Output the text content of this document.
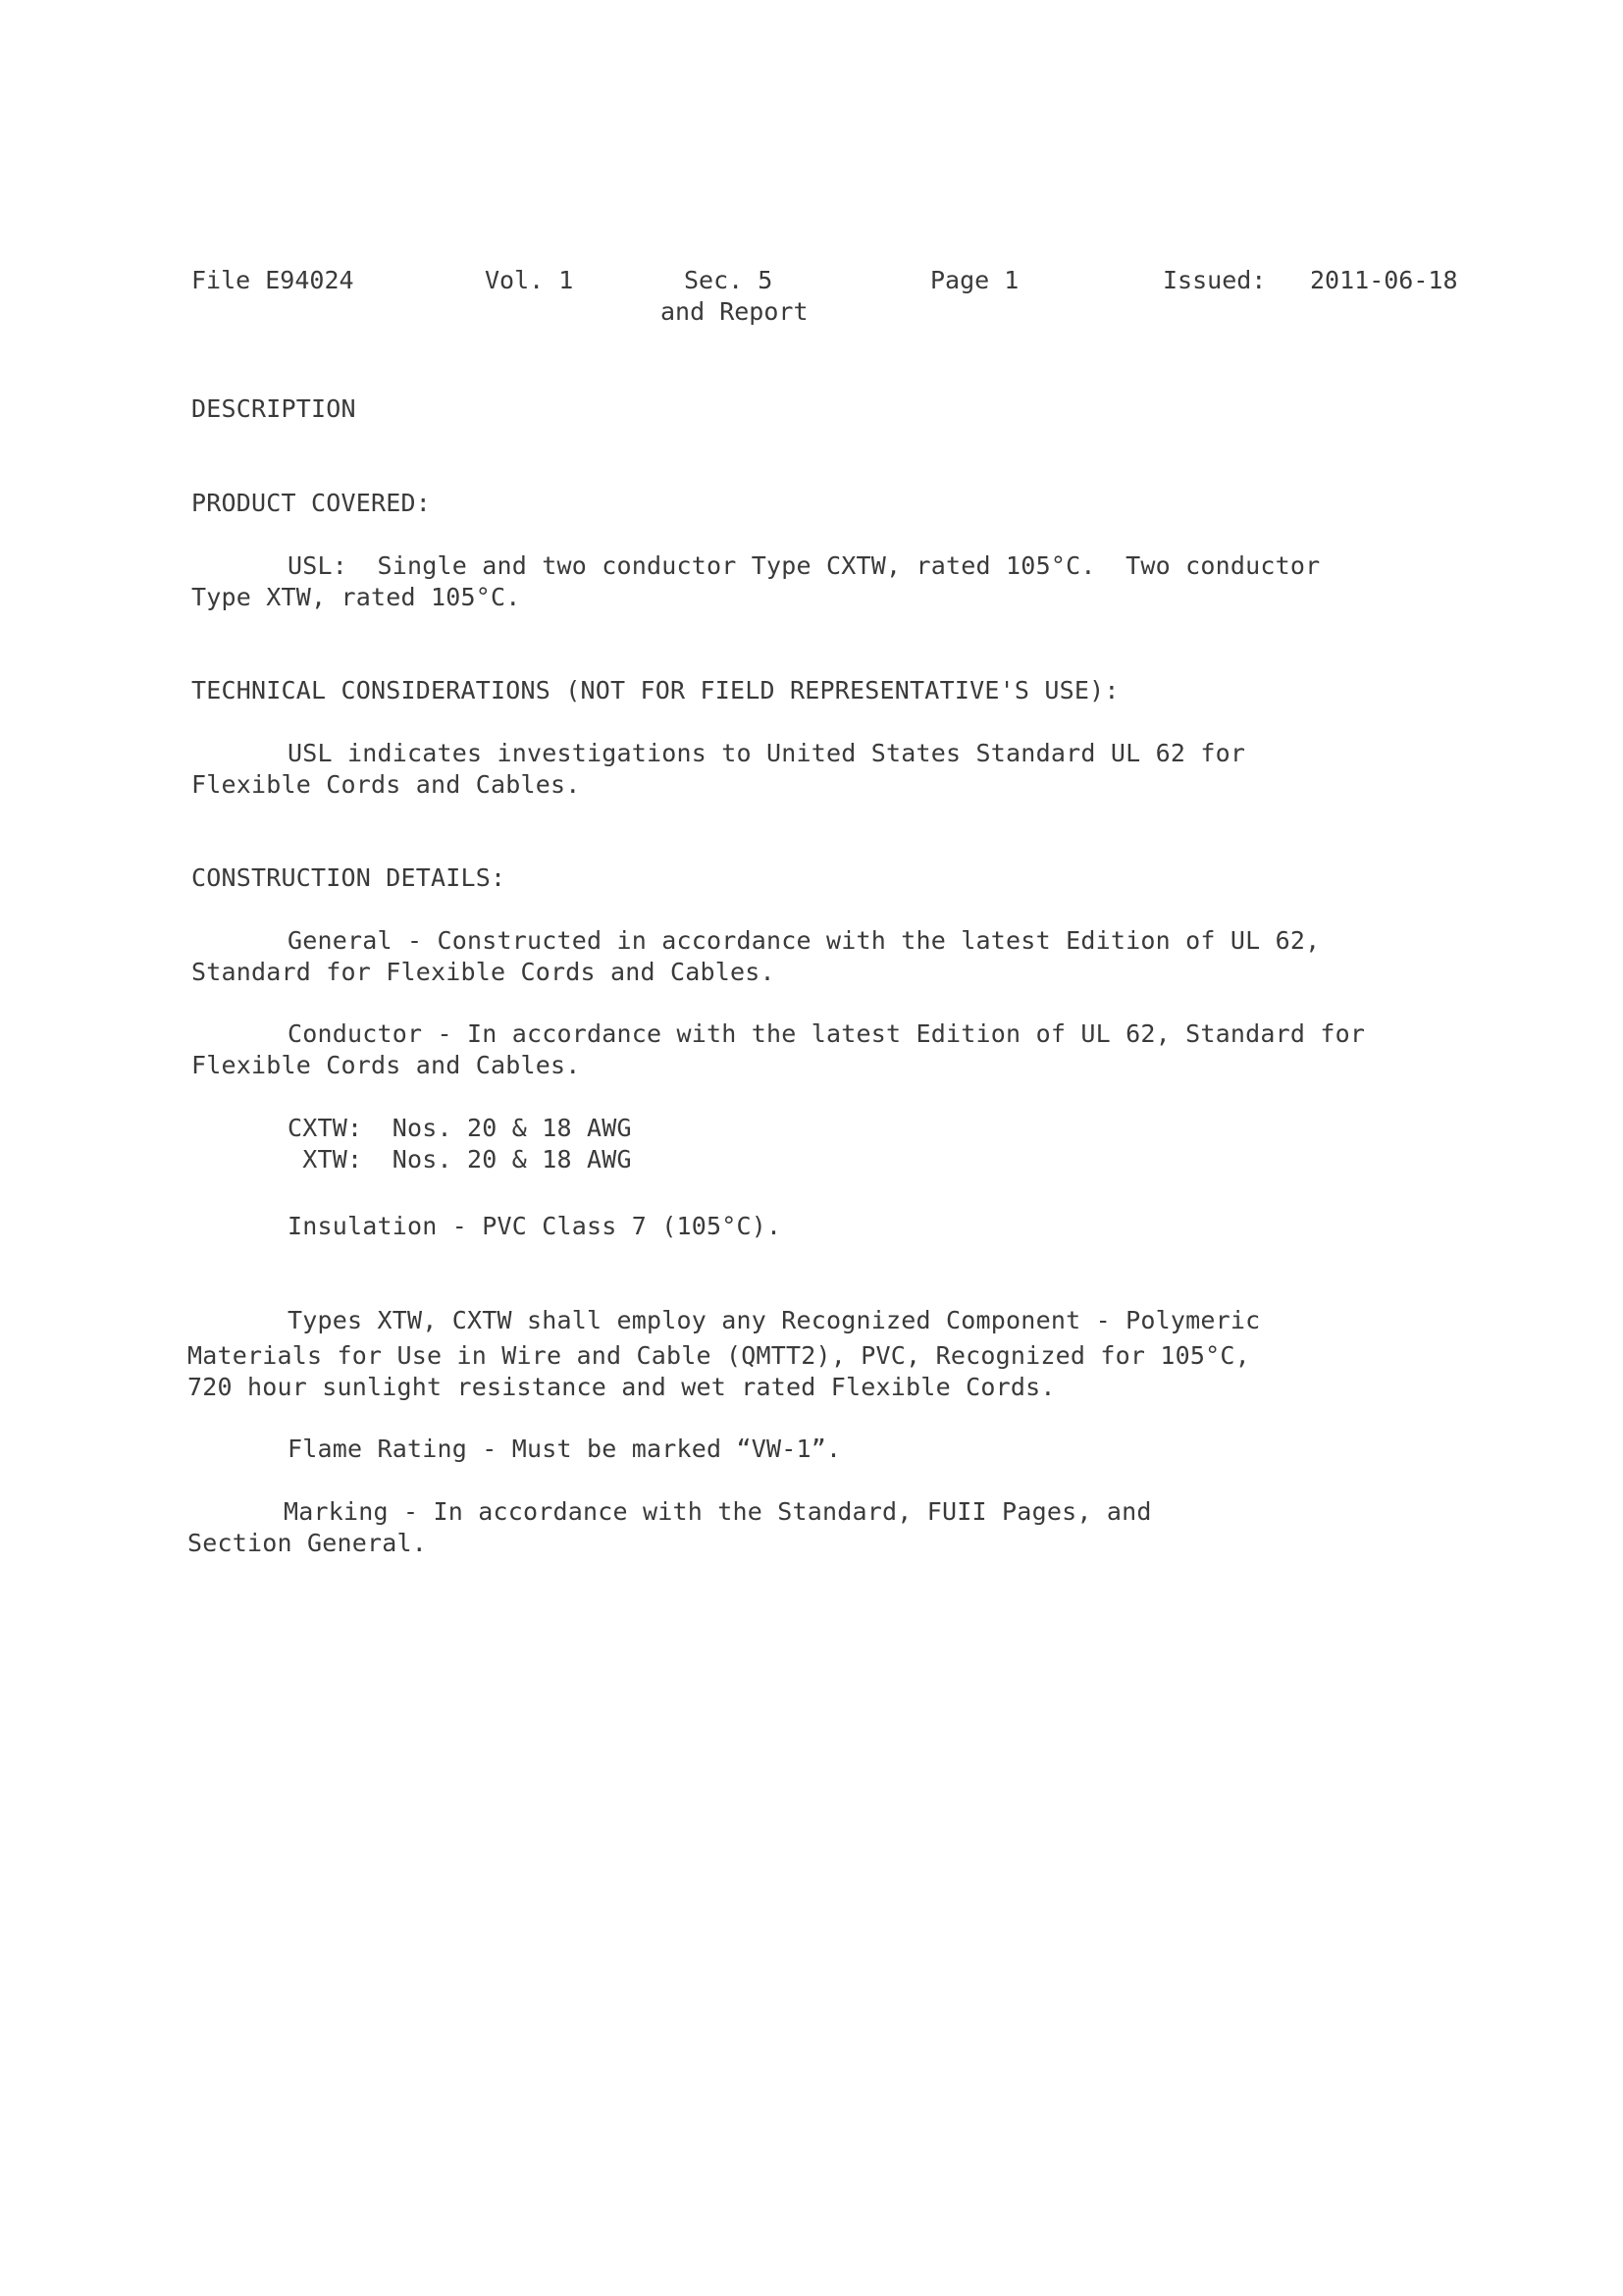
File E94024	Vol. 1	Sec. 5
and Report
Page 1	Issued: 2011-06-18
DESCRIPTION
PRODUCT COVERED:
USL:  Single and two conductor Type CXTW, rated 105°C.  Two conductor
Type XTW, rated 105°C.
TECHNICAL CONSIDERATIONS (NOT FOR FIELD REPRESENTATIVE'S USE):
USL indicates investigations to United States Standard UL 62 for
Flexible Cords and Cables.
CONSTRUCTION DETAILS:
General - Constructed in accordance with the latest Edition of UL 62,
Standard for Flexible Cords and Cables.
Conductor - In accordance with the latest Edition of UL 62, Standard for
Flexible Cords and Cables.
CXTW:  Nos. 20 & 18 AWG
XTW:  Nos. 20 & 18 AWG
Insulation - PVC Class 7 (105°C).
Types XTW, CXTW shall employ any Recognized Component - Polymeric
Materials for Use in Wire and Cable (QMTT2), PVC, Recognized for 105°C,
720 hour sunlight resistance and wet rated Flexible Cords.
Flame Rating - Must be marked “VW-1”.
Marking - In accordance with the Standard, FUII Pages, and
Section General.
